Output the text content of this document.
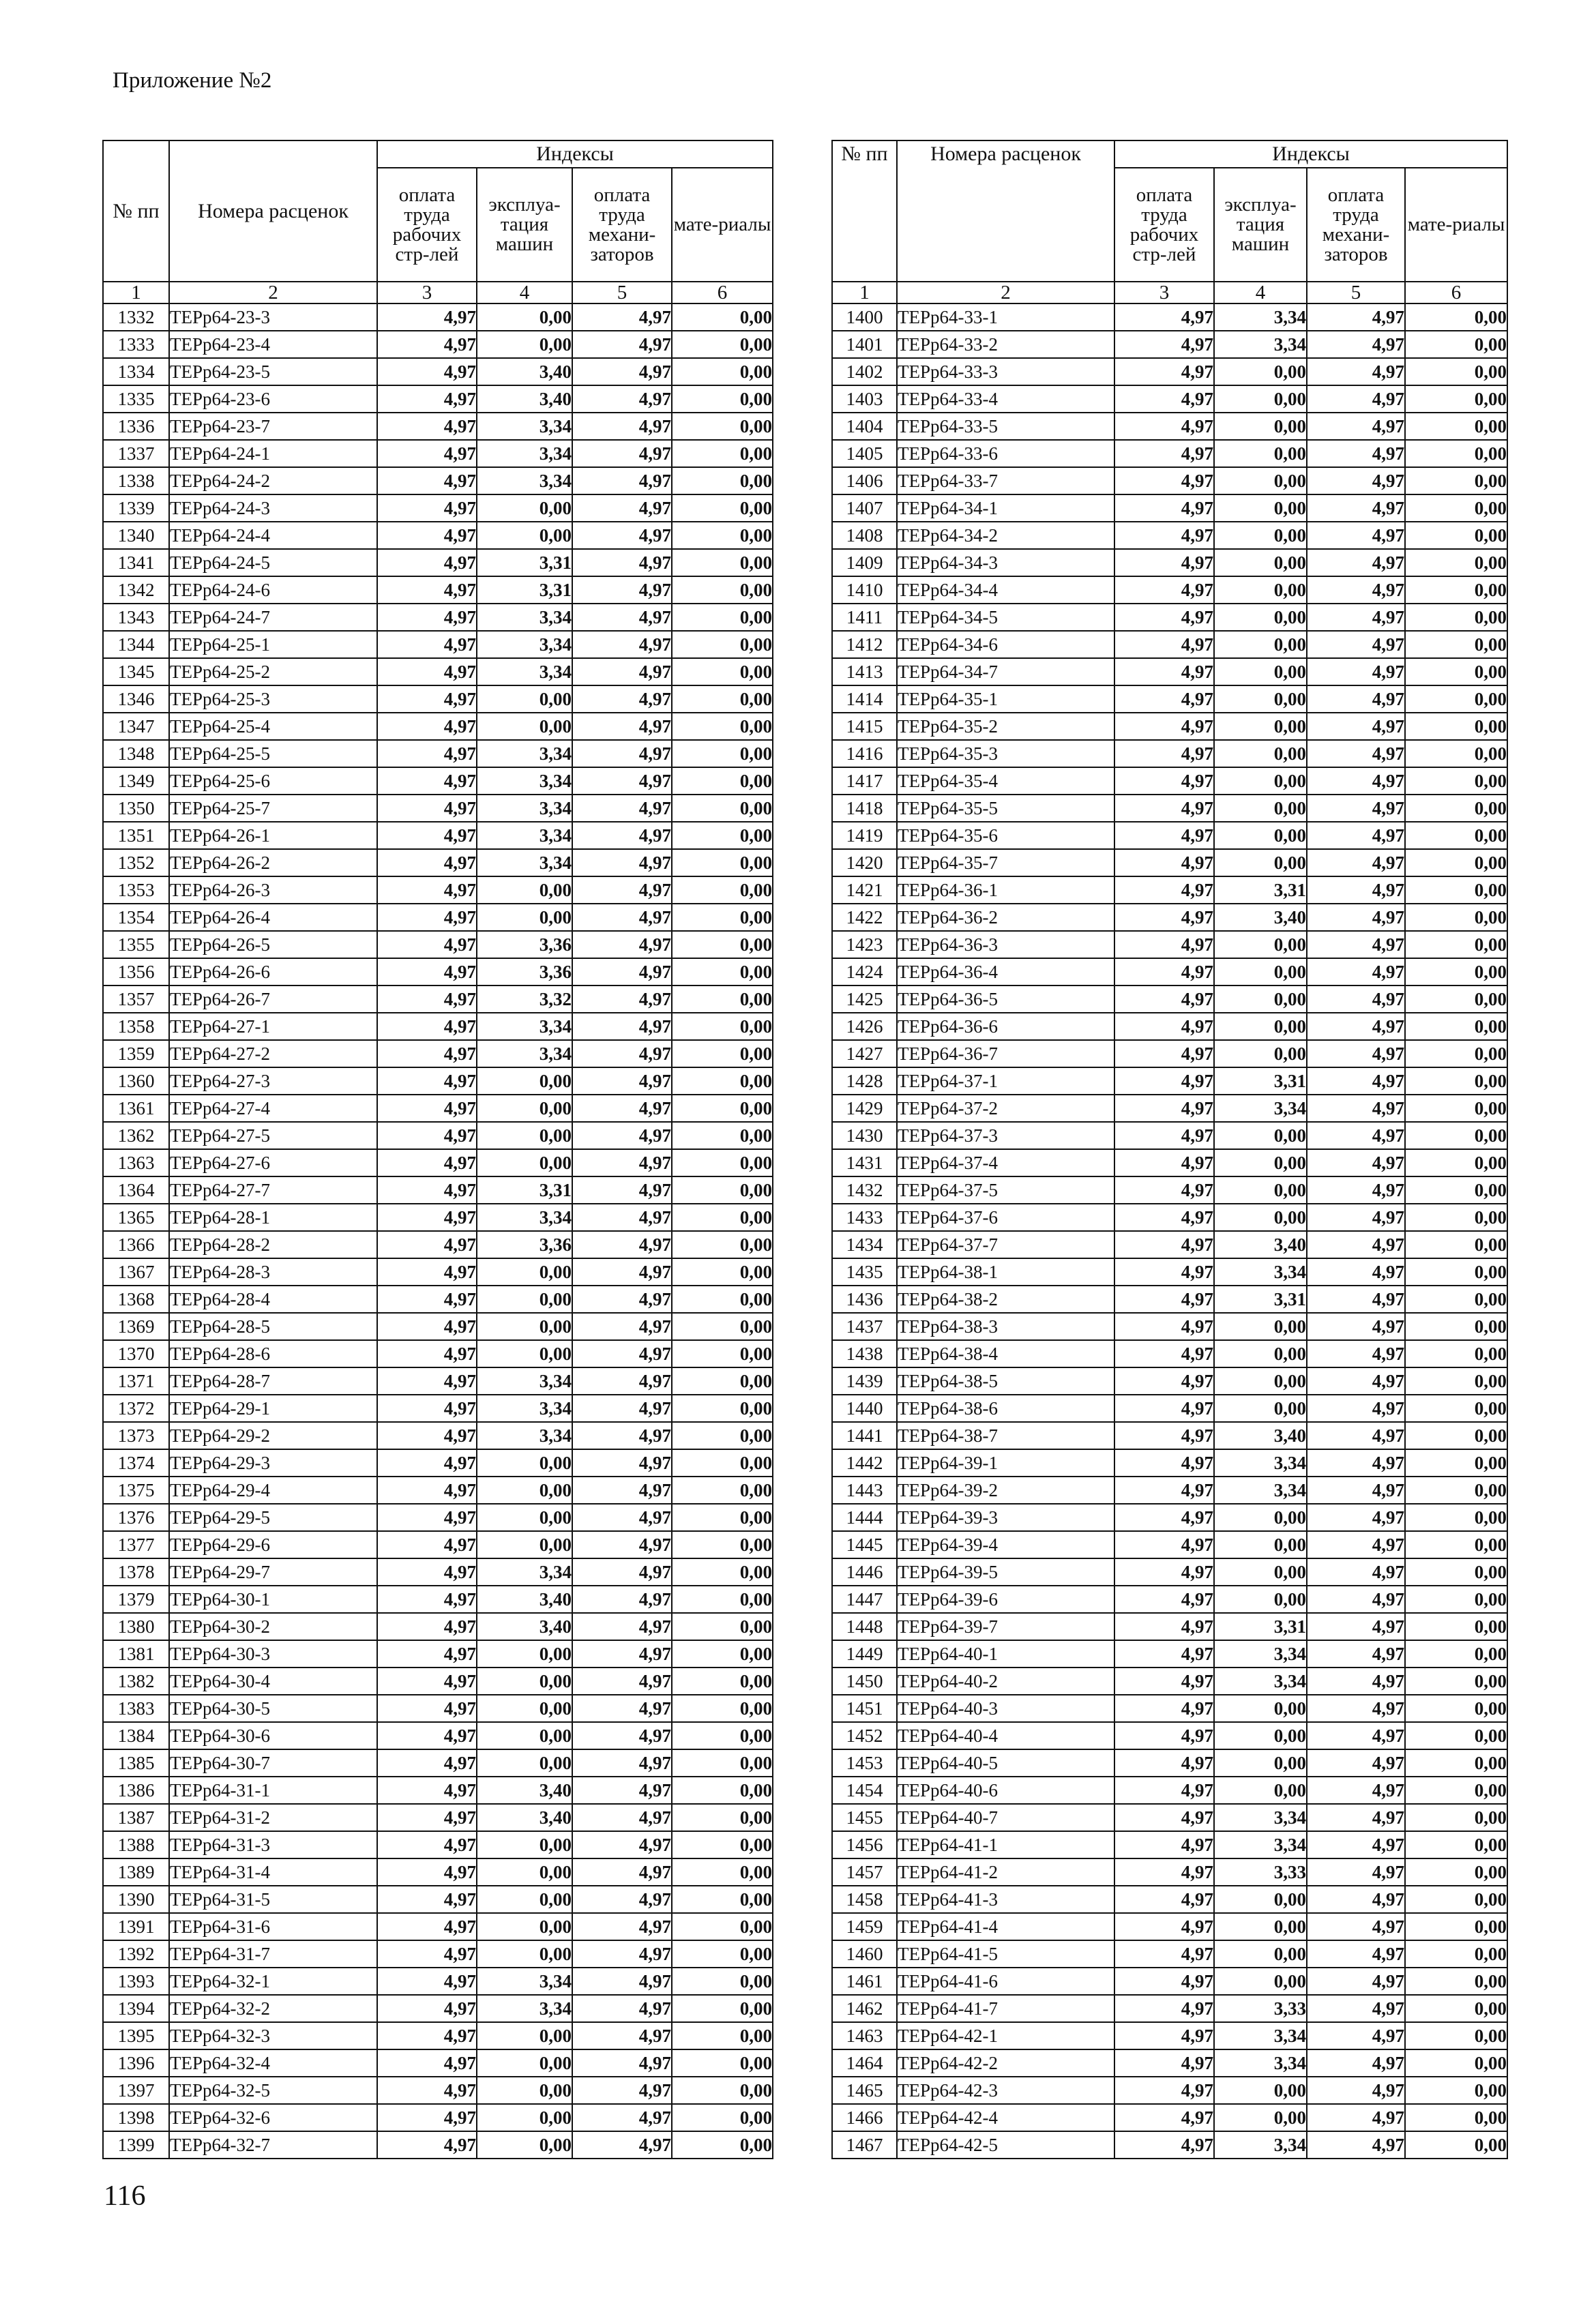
Приложение №2
№ пп	Номера расценок	Индексы			
		оплата труда рабочих стр-лей	эксплуа-тация машин	оплата труда механи-заторов	мате-риалы
1	2	3	4	5	6
1332	ТЕРр64-23-3	4,97	0,00	4,97	0,00
1333	ТЕРр64-23-4	4,97	0,00	4,97	0,00
1334	ТЕРр64-23-5	4,97	3,40	4,97	0,00
1335	ТЕРр64-23-6	4,97	3,40	4,97	0,00
1336	ТЕРр64-23-7	4,97	3,34	4,97	0,00
1337	ТЕРр64-24-1	4,97	3,34	4,97	0,00
1338	ТЕРр64-24-2	4,97	3,34	4,97	0,00
1339	ТЕРр64-24-3	4,97	0,00	4,97	0,00
1340	ТЕРр64-24-4	4,97	0,00	4,97	0,00
1341	ТЕРр64-24-5	4,97	3,31	4,97	0,00
1342	ТЕРр64-24-6	4,97	3,31	4,97	0,00
1343	ТЕРр64-24-7	4,97	3,34	4,97	0,00
1344	ТЕРр64-25-1	4,97	3,34	4,97	0,00
1345	ТЕРр64-25-2	4,97	3,34	4,97	0,00
1346	ТЕРр64-25-3	4,97	0,00	4,97	0,00
1347	ТЕРр64-25-4	4,97	0,00	4,97	0,00
1348	ТЕРр64-25-5	4,97	3,34	4,97	0,00
1349	ТЕРр64-25-6	4,97	3,34	4,97	0,00
1350	ТЕРр64-25-7	4,97	3,34	4,97	0,00
1351	ТЕРр64-26-1	4,97	3,34	4,97	0,00
1352	ТЕРр64-26-2	4,97	3,34	4,97	0,00
1353	ТЕРр64-26-3	4,97	0,00	4,97	0,00
1354	ТЕРр64-26-4	4,97	0,00	4,97	0,00
1355	ТЕРр64-26-5	4,97	3,36	4,97	0,00
1356	ТЕРр64-26-6	4,97	3,36	4,97	0,00
1357	ТЕРр64-26-7	4,97	3,32	4,97	0,00
1358	ТЕРр64-27-1	4,97	3,34	4,97	0,00
1359	ТЕРр64-27-2	4,97	3,34	4,97	0,00
1360	ТЕРр64-27-3	4,97	0,00	4,97	0,00
1361	ТЕРр64-27-4	4,97	0,00	4,97	0,00
1362	ТЕРр64-27-5	4,97	0,00	4,97	0,00
1363	ТЕРр64-27-6	4,97	0,00	4,97	0,00
1364	ТЕРр64-27-7	4,97	3,31	4,97	0,00
1365	ТЕРр64-28-1	4,97	3,34	4,97	0,00
1366	ТЕРр64-28-2	4,97	3,36	4,97	0,00
1367	ТЕРр64-28-3	4,97	0,00	4,97	0,00
1368	ТЕРр64-28-4	4,97	0,00	4,97	0,00
1369	ТЕРр64-28-5	4,97	0,00	4,97	0,00
1370	ТЕРр64-28-6	4,97	0,00	4,97	0,00
1371	ТЕРр64-28-7	4,97	3,34	4,97	0,00
1372	ТЕРр64-29-1	4,97	3,34	4,97	0,00
1373	ТЕРр64-29-2	4,97	3,34	4,97	0,00
1374	ТЕРр64-29-3	4,97	0,00	4,97	0,00
1375	ТЕРр64-29-4	4,97	0,00	4,97	0,00
1376	ТЕРр64-29-5	4,97	0,00	4,97	0,00
1377	ТЕРр64-29-6	4,97	0,00	4,97	0,00
1378	ТЕРр64-29-7	4,97	3,34	4,97	0,00
1379	ТЕРр64-30-1	4,97	3,40	4,97	0,00
1380	ТЕРр64-30-2	4,97	3,40	4,97	0,00
1381	ТЕРр64-30-3	4,97	0,00	4,97	0,00
1382	ТЕРр64-30-4	4,97	0,00	4,97	0,00
1383	ТЕРр64-30-5	4,97	0,00	4,97	0,00
1384	ТЕРр64-30-6	4,97	0,00	4,97	0,00
1385	ТЕРр64-30-7	4,97	0,00	4,97	0,00
1386	ТЕРр64-31-1	4,97	3,40	4,97	0,00
1387	ТЕРр64-31-2	4,97	3,40	4,97	0,00
1388	ТЕРр64-31-3	4,97	0,00	4,97	0,00
1389	ТЕРр64-31-4	4,97	0,00	4,97	0,00
1390	ТЕРр64-31-5	4,97	0,00	4,97	0,00
1391	ТЕРр64-31-6	4,97	0,00	4,97	0,00
1392	ТЕРр64-31-7	4,97	0,00	4,97	0,00
1393	ТЕРр64-32-1	4,97	3,34	4,97	0,00
1394	ТЕРр64-32-2	4,97	3,34	4,97	0,00
1395	ТЕРр64-32-3	4,97	0,00	4,97	0,00
1396	ТЕРр64-32-4	4,97	0,00	4,97	0,00
1397	ТЕРр64-32-5	4,97	0,00	4,97	0,00
1398	ТЕРр64-32-6	4,97	0,00	4,97	0,00
1399	ТЕРр64-32-7	4,97	0,00	4,97	0,00
№ пп	Номера расценок	Индексы			
		оплата труда рабочих стр-лей	эксплуа-тация машин	оплата труда механи-заторов	мате-риалы
1	2	3	4	5	6
1400	ТЕРр64-33-1	4,97	3,34	4,97	0,00
1401	ТЕРр64-33-2	4,97	3,34	4,97	0,00
1402	ТЕРр64-33-3	4,97	0,00	4,97	0,00
1403	ТЕРр64-33-4	4,97	0,00	4,97	0,00
1404	ТЕРр64-33-5	4,97	0,00	4,97	0,00
1405	ТЕРр64-33-6	4,97	0,00	4,97	0,00
1406	ТЕРр64-33-7	4,97	0,00	4,97	0,00
1407	ТЕРр64-34-1	4,97	0,00	4,97	0,00
1408	ТЕРр64-34-2	4,97	0,00	4,97	0,00
1409	ТЕРр64-34-3	4,97	0,00	4,97	0,00
1410	ТЕРр64-34-4	4,97	0,00	4,97	0,00
1411	ТЕРр64-34-5	4,97	0,00	4,97	0,00
1412	ТЕРр64-34-6	4,97	0,00	4,97	0,00
1413	ТЕРр64-34-7	4,97	0,00	4,97	0,00
1414	ТЕРр64-35-1	4,97	0,00	4,97	0,00
1415	ТЕРр64-35-2	4,97	0,00	4,97	0,00
1416	ТЕРр64-35-3	4,97	0,00	4,97	0,00
1417	ТЕРр64-35-4	4,97	0,00	4,97	0,00
1418	ТЕРр64-35-5	4,97	0,00	4,97	0,00
1419	ТЕРр64-35-6	4,97	0,00	4,97	0,00
1420	ТЕРр64-35-7	4,97	0,00	4,97	0,00
1421	ТЕРр64-36-1	4,97	3,31	4,97	0,00
1422	ТЕРр64-36-2	4,97	3,40	4,97	0,00
1423	ТЕРр64-36-3	4,97	0,00	4,97	0,00
1424	ТЕРр64-36-4	4,97	0,00	4,97	0,00
1425	ТЕРр64-36-5	4,97	0,00	4,97	0,00
1426	ТЕРр64-36-6	4,97	0,00	4,97	0,00
1427	ТЕРр64-36-7	4,97	0,00	4,97	0,00
1428	ТЕРр64-37-1	4,97	3,31	4,97	0,00
1429	ТЕРр64-37-2	4,97	3,34	4,97	0,00
1430	ТЕРр64-37-3	4,97	0,00	4,97	0,00
1431	ТЕРр64-37-4	4,97	0,00	4,97	0,00
1432	ТЕРр64-37-5	4,97	0,00	4,97	0,00
1433	ТЕРр64-37-6	4,97	0,00	4,97	0,00
1434	ТЕРр64-37-7	4,97	3,40	4,97	0,00
1435	ТЕРр64-38-1	4,97	3,34	4,97	0,00
1436	ТЕРр64-38-2	4,97	3,31	4,97	0,00
1437	ТЕРр64-38-3	4,97	0,00	4,97	0,00
1438	ТЕРр64-38-4	4,97	0,00	4,97	0,00
1439	ТЕРр64-38-5	4,97	0,00	4,97	0,00
1440	ТЕРр64-38-6	4,97	0,00	4,97	0,00
1441	ТЕРр64-38-7	4,97	3,40	4,97	0,00
1442	ТЕРр64-39-1	4,97	3,34	4,97	0,00
1443	ТЕРр64-39-2	4,97	3,34	4,97	0,00
1444	ТЕРр64-39-3	4,97	0,00	4,97	0,00
1445	ТЕРр64-39-4	4,97	0,00	4,97	0,00
1446	ТЕРр64-39-5	4,97	0,00	4,97	0,00
1447	ТЕРр64-39-6	4,97	0,00	4,97	0,00
1448	ТЕРр64-39-7	4,97	3,31	4,97	0,00
1449	ТЕРр64-40-1	4,97	3,34	4,97	0,00
1450	ТЕРр64-40-2	4,97	3,34	4,97	0,00
1451	ТЕРр64-40-3	4,97	0,00	4,97	0,00
1452	ТЕРр64-40-4	4,97	0,00	4,97	0,00
1453	ТЕРр64-40-5	4,97	0,00	4,97	0,00
1454	ТЕРр64-40-6	4,97	0,00	4,97	0,00
1455	ТЕРр64-40-7	4,97	3,34	4,97	0,00
1456	ТЕРр64-41-1	4,97	3,34	4,97	0,00
1457	ТЕРр64-41-2	4,97	3,33	4,97	0,00
1458	ТЕРр64-41-3	4,97	0,00	4,97	0,00
1459	ТЕРр64-41-4	4,97	0,00	4,97	0,00
1460	ТЕРр64-41-5	4,97	0,00	4,97	0,00
1461	ТЕРр64-41-6	4,97	0,00	4,97	0,00
1462	ТЕРр64-41-7	4,97	3,33	4,97	0,00
1463	ТЕРр64-42-1	4,97	3,34	4,97	0,00
1464	ТЕРр64-42-2	4,97	3,34	4,97	0,00
1465	ТЕРр64-42-3	4,97	0,00	4,97	0,00
1466	ТЕРр64-42-4	4,97	0,00	4,97	0,00
1467	ТЕРр64-42-5	4,97	3,34	4,97	0,00
116
